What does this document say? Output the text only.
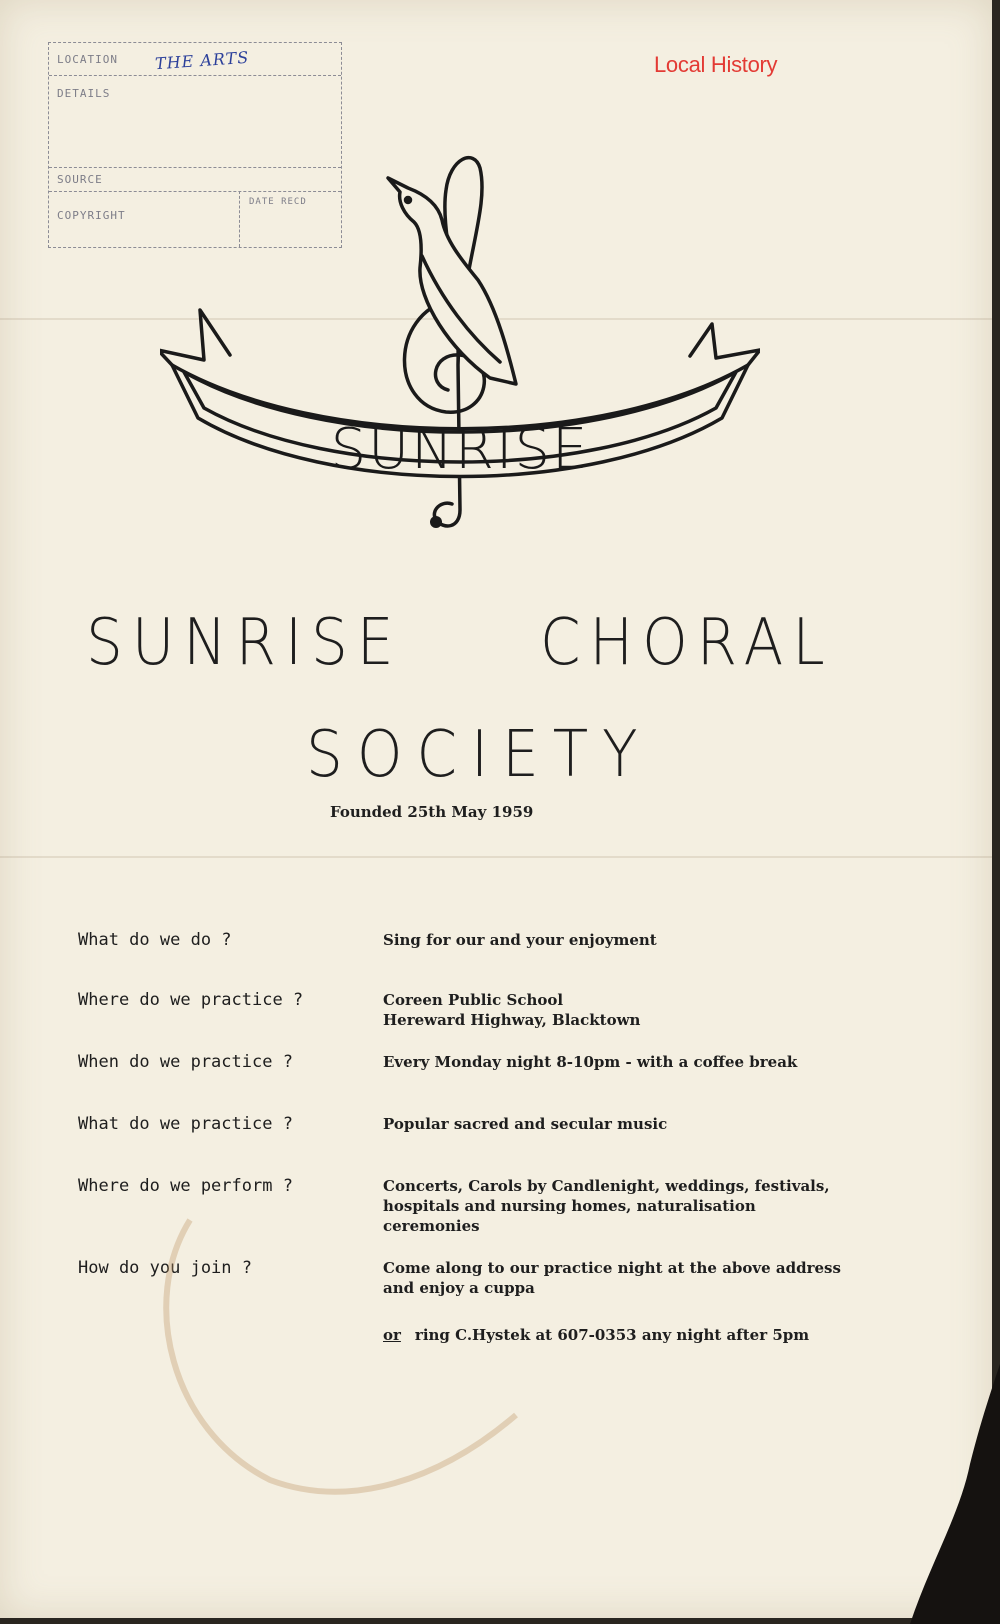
LOCATION THE ARTS
DETAILS
SOURCE
COPYRIGHT
DATE RECD
Local History
SUNRISE
SUNRISE CHORAL
SOCIETY
Founded 25th May 1959
What do we do ?	Sing for our and your enjoyment
Where do we practice ?	Coreen Public School
Hereward Highway, Blacktown
When do we practice ?	Every Monday night 8-10pm - with a coffee break
What do we practice ?	Popular sacred and secular music
Where do we perform ?	Concerts, Carols by Candlenight, weddings, festivals,
hospitals and nursing homes, naturalisation
ceremonies
How do you join ?	Come along to our practice night at the above address
and enjoy a cuppa
or ring C.Hystek at 607-0353 any night after 5pm
